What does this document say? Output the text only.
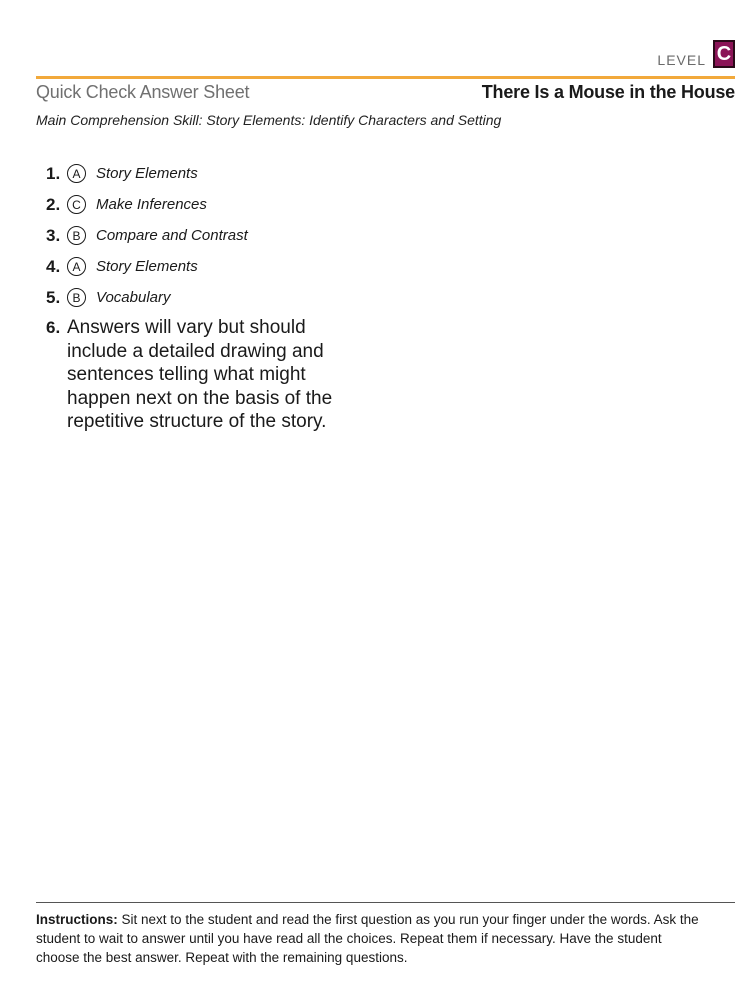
LEVEL C
Quick Check Answer Sheet	There Is a Mouse in the House
Main Comprehension Skill: Story Elements: Identify Characters and Setting
1.	A	Story Elements
2. C	Make Inferences
3.	B	Compare and Contrast
4.	A	Story Elements
5.	B	Vocabulary
6. Answers will vary but should include a detailed drawing and sentences telling what might happen next on the basis of the repetitive structure of the story.
Instructions: Sit next to the student and read the first question as you run your finger under the words. Ask the student to wait to answer until you have read all the choices. Repeat them if necessary. Have the student choose the best answer. Repeat with the remaining questions.
